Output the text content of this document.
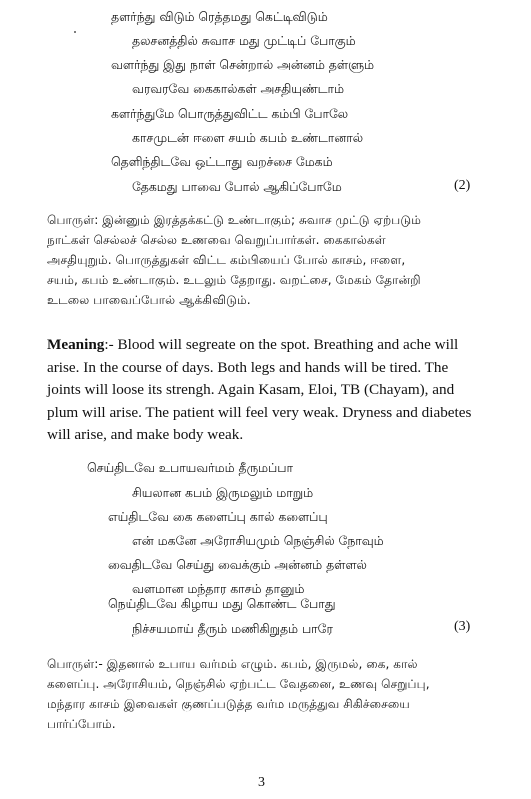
தளர்ந்து விடும் ரெத்தமது கெட்டிவிடும்
தலசனத்தில் சுவாச மது முட்டிப் போகும்
வளர்ந்து இது நாள் சென்றால் அன்னம் தள்ளும்
வரவரவே கைகால்கள் அசதியுண்டாம்
களர்ந்துமே பொருத்துவிட்ட கம்பி போலே
காசமுடன் ஈளை சயம் கபம் உண்டானால்
தெளிந்திடவே ஒட்டாது வறச்சை மேகம்
தேகமது பாவை போல் ஆகிப்போமே	(2)
பொருள்: இன்னும் இரத்தக்கட்டு உண்டாகும்; சுவாச முட்டு ஏற்படும்
நாட்கள் செல்லச் செல்ல உணவை வெறுப்பார்கள். கைகால்கள்
அசதியுறும். பொருத்துகள் விட்ட கம்பியைப் போல் காசம், ஈளை,
சயம், கபம் உண்டாகும். உடலும் தேறாது. வறட்சை, மேகம் தோன்றி
உடலை பாவைப்போல் ஆக்கிவிடும்.
Meaning:- Blood will segreate on the spot. Breathing and ache will
arise. In the course of days. Both legs and hands will be tired. The
joints will loose its strengh. Again Kasam, Eloi, TB (Chayam), and
plum will arise. The patient will feel very weak. Dryness and diabetes
will arise, and make body weak.
செய்திடவே உபாயவர்மம் தீருமப்பா
சியலான கபம் இருமலும் மாறும்
எய்திடவே கை களைப்பு கால் களைப்பு
என் மகனே அரோசியமும் நெஞ்சில் நோவும்
வைதிடவே செய்து வைக்கும் அன்னம் தள்ளல்
வளமான மந்தார காசம் தானும்
நெய்திடவே கிழாய மது கொண்ட போது
நிச்சயமாய் தீரும் மணிகிறுதம் பாரே	(3)
பொருள்:- இதனால் உபாய வர்மம் எழும். கபம், இருமல், கை, கால்
களைப்பு. அரோசியம், நெஞ்சில் ஏற்பட்ட வேதனை, உணவு செறுப்பு,
மந்தார காசம் இவைகள் குணப்படுத்த வர்ம மருத்துவ சிகிச்சையை
பார்ப்போம்.
3
